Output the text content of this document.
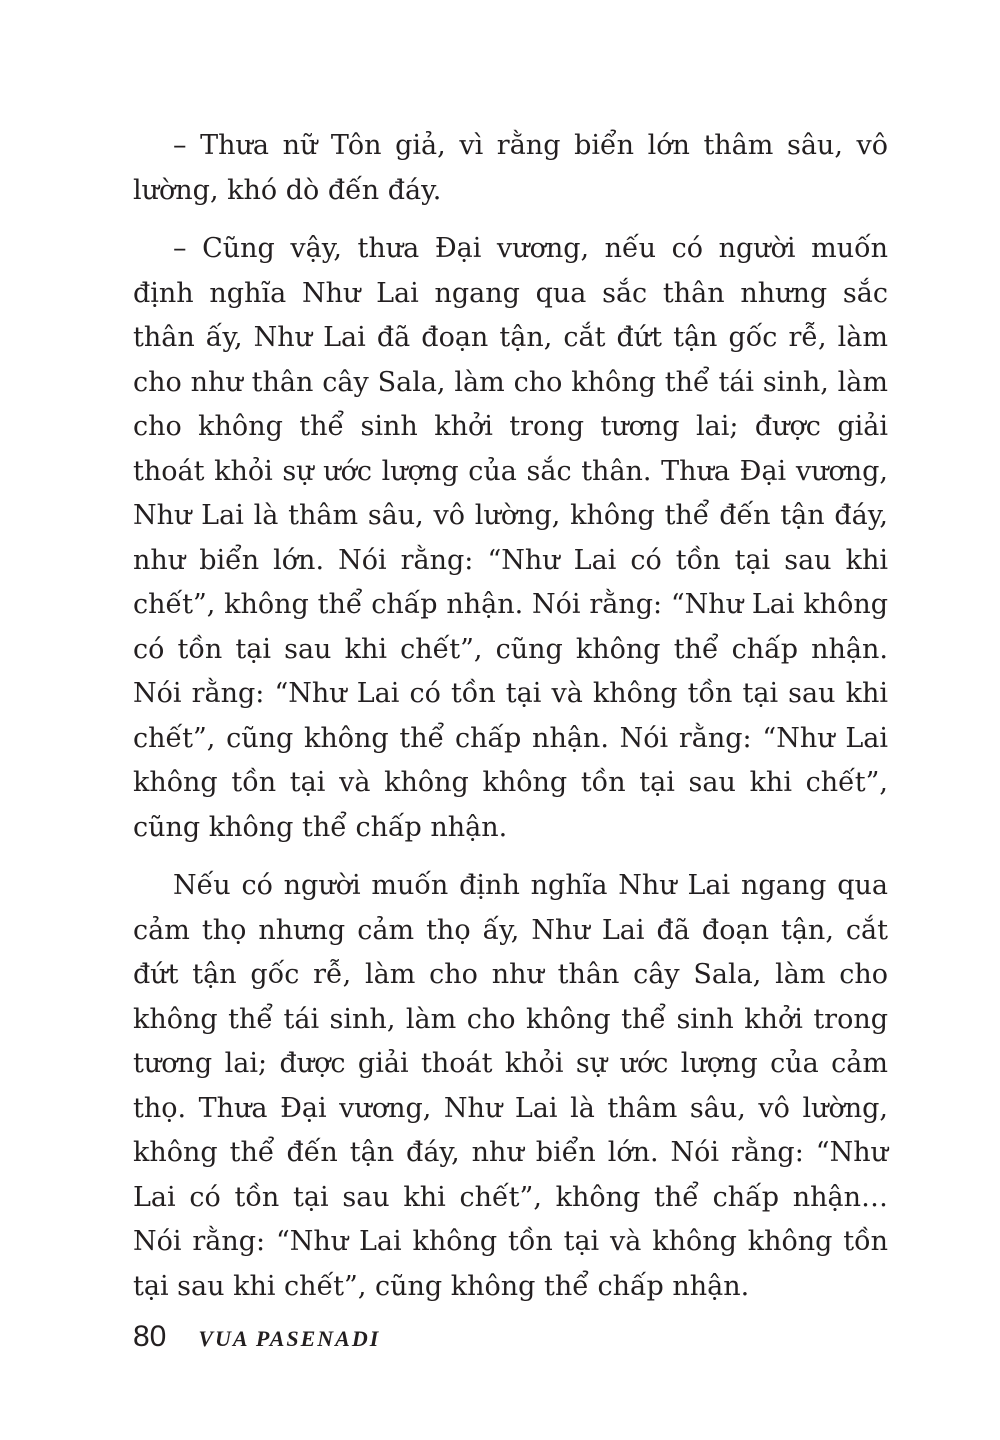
– Thưa nữ Tôn giả, vì rằng biển lớn thâm sâu, vô lường, khó dò đến đáy.

– Cũng vậy, thưa Đại vương, nếu có người muốn định nghĩa Như Lai ngang qua sắc thân nhưng sắc thân ấy, Như Lai đã đoạn tận, cắt đứt tận gốc rễ, làm cho như thân cây Sala, làm cho không thể tái sinh, làm cho không thể sinh khởi trong tương lai; được giải thoát khỏi sự ước lượng của sắc thân. Thưa Đại vương, Như Lai là thâm sâu, vô lường, không thể đến tận đáy, như biển lớn. Nói rằng: “Như Lai có tồn tại sau khi chết”, không thể chấp nhận. Nói rằng: “Như Lai không có tồn tại sau khi chết”, cũng không thể chấp nhận. Nói rằng: “Như Lai có tồn tại và không tồn tại sau khi chết”, cũng không thể chấp nhận. Nói rằng: “Như Lai không tồn tại và không không tồn tại sau khi chết”, cũng không thể chấp nhận.

Nếu có người muốn định nghĩa Như Lai ngang qua cảm thọ nhưng cảm thọ ấy, Như Lai đã đoạn tận, cắt đứt tận gốc rễ, làm cho như thân cây Sala, làm cho không thể tái sinh, làm cho không thể sinh khởi trong tương lai; được giải thoát khỏi sự ước lượng của cảm thọ. Thưa Đại vương, Như Lai là thâm sâu, vô lường, không thể đến tận đáy, như biển lớn. Nói rằng: “Như Lai có tồn tại sau khi chết”, không thể chấp nhận… Nói rằng: “Như Lai không tồn tại và không không tồn tại sau khi chết”, cũng không thể chấp nhận.

80 VUA PASENADI
